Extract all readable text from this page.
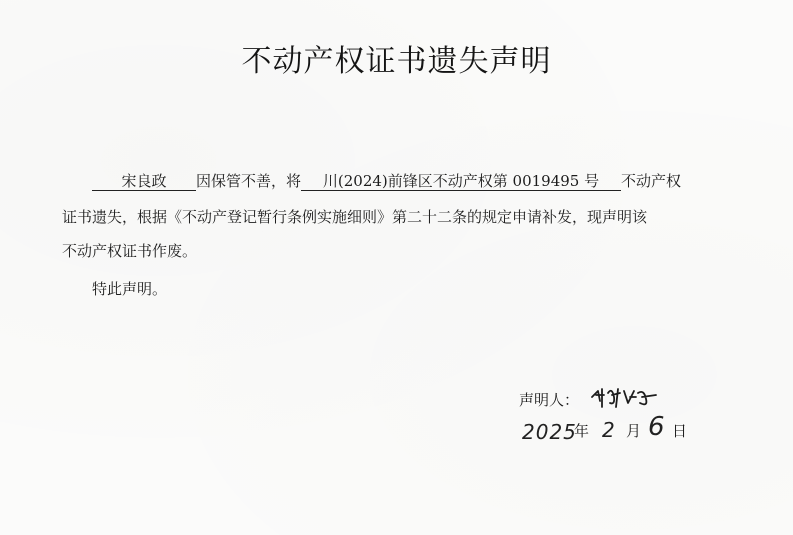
不动产权证书遗失声明
宋良政 因保管不善，将 川(2024)前锋区不动产权第 0019495 号 不动产权
证书遗失，根据《不动产登记暂行条例实施细则》第二十二条的规定申请补发，现声明该
不动产权证书作废。
特此声明。
声明人：
2025
年 2 月 6 日
